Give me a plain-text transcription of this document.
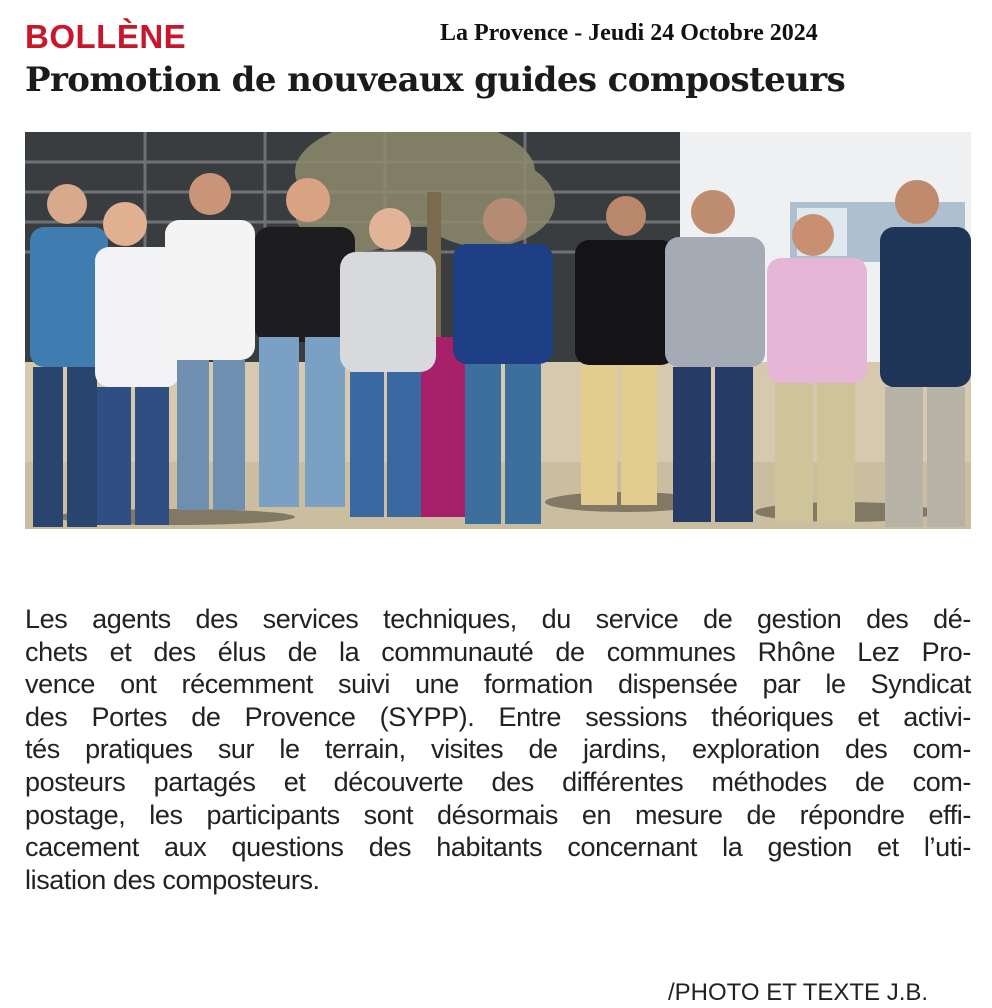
BOLLÈNE	La Provence - Jeudi 24 Octobre 2024
Promotion de nouveaux guides composteurs
Les agents des services techniques, du service de gestion des dé-
chets et des élus de la communauté de communes Rhône Lez Pro-
vence ont récemment suivi une formation dispensée par le Syndicat
des Portes de Provence (SYPP). Entre sessions théoriques et activi-
tés pratiques sur le terrain, visites de jardins, exploration des com-
posteurs partagés et découverte des différentes méthodes de com-
postage, les participants sont désormais en mesure de répondre effi-
cacement aux questions des habitants concernant la gestion et l’uti-
lisation des composteurs.
/PHOTO ET TEXTE J.B.
